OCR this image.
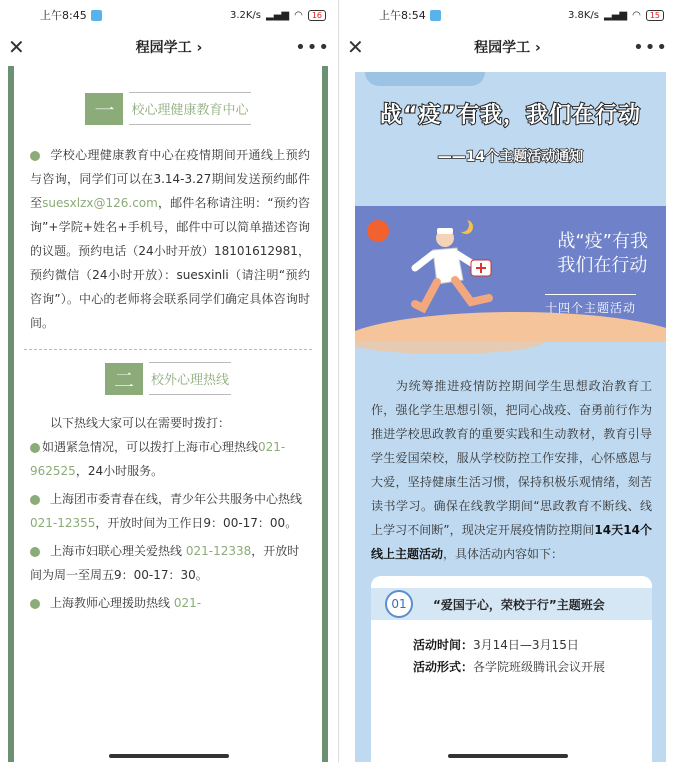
上午8:45	3.2K/s ▂▄▆ ◠	16
✕	程园学工 ›	•••
一	校心理健康教育中心
学校心理健康教育中心在疫情期间开通线上预约与咨询，同学们可以在3.14-3.27期间发送预约邮件至suesxlzx@126.com，邮件名称请注明：“预约咨询”+学院+姓名+手机号，邮件中可以简单描述咨询的议题。预约电话（24小时开放）18101612981，预约微信（24小时开放）：suesxinli（请注明“预约咨询”）。中心的老师将会联系同学们确定具体咨询时间。
二	校外心理热线
以下热线大家可以在需要时拨打：
如遇紧急情况，可以拨打上海市心理热线021-962525，24小时服务。
上海团市委青春在线，青少年公共服务中心热线021-12355，开放时间为工作日9：00-17：00。
上海市妇联心理关爱热线 021-12338，开放时间为周一至周五9：00-17：30。
上海教师心理援助热线 021-
上午8:54	3.8K/s ▂▄▆ ◠	15
✕	程园学工 ›	•••
战“疫”有我，我们在行动
——14个主题活动通知
战“疫”有我
我们在行动
十四个主题活动
为统筹推进疫情防控期间学生思想政治教育工作，强化学生思想引领，把同心战疫、奋勇前行作为推进学校思政教育的重要实践和生动教材，教育引导学生爱国荣校，服从学校防控工作安排，心怀感恩与大爱，坚持健康生活习惯，保持积极乐观情绪，刻苦读书学习。确保在线教学期间“思政教育不断线、线上学习不间断”，现决定开展疫情防控期间14天14个线上主题活动，具体活动内容如下：
01	“爱国于心，荣校于行”主题班会
活动时间：3月14日—3月15日
活动形式：各学院班级腾讯会议开展
